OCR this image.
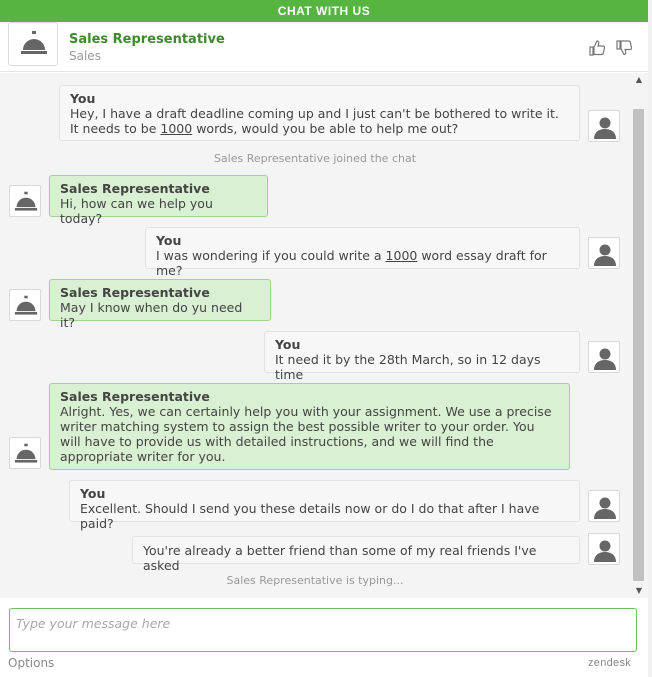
CHAT WITH US
Sales Representative
Sales
You
Hey, I have a draft deadline coming up and I just can't be bothered to write it. It needs to be 1000 words, would you be able to help me out?
Sales Representative joined the chat
Sales Representative
Hi, how can we help you today?
You
I was wondering if you could write a 1000 word essay draft for me?
Sales Representative
May I know when do yu need it?
You
It need it by the 28th March, so in 12 days time
Sales Representative
Alright. Yes, we can certainly help you with your assignment. We use a precise writer matching system to assign the best possible writer to your order. You will have to provide us with detailed instructions, and we will find the appropriate writer for you.
You
Excellent. Should I send you these details now or do I do that after I have paid?
You're already a better friend than some of my real friends I've asked
Sales Representative is typing...
▲
▼
Type your message here
Options	zendesk
